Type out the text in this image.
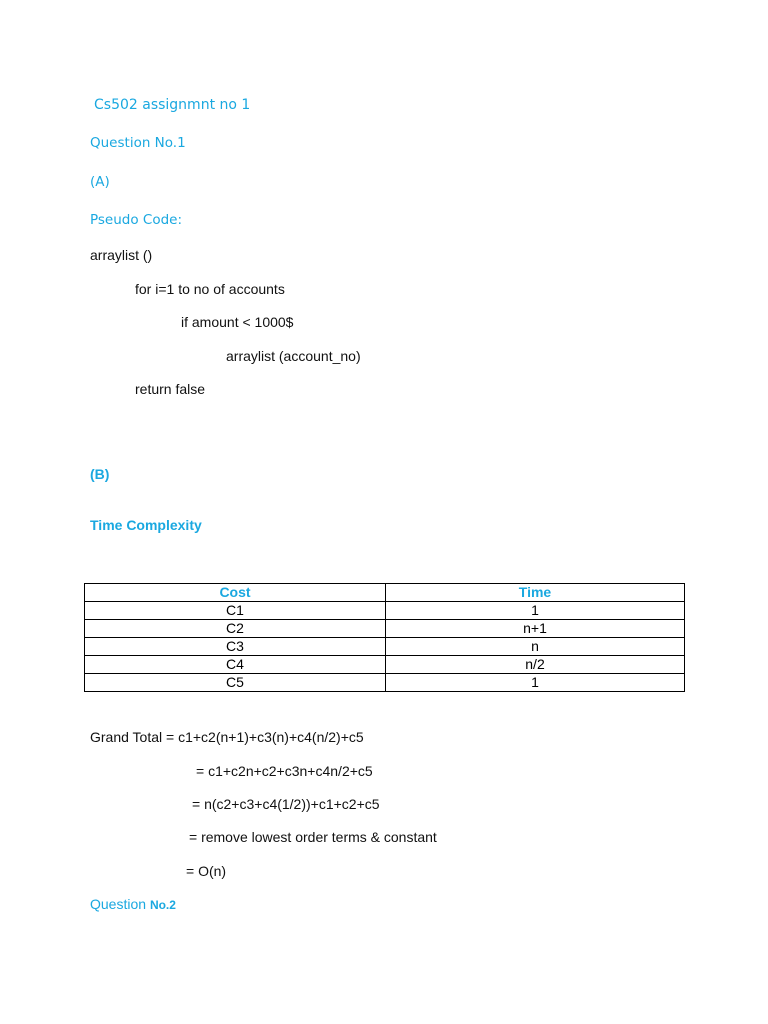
Cs502 assignmnt no 1
Question No.1
(A)
Pseudo Code:
arraylist ()
for i=1 to no of accounts
if amount < 1000$
arraylist (account_no)
return false
(B)
Time Complexity
Cost	Time
C1	1
C2	n+1
C3	n
C4	n/2
C5	1
Grand Total = c1+c2(n+1)+c3(n)+c4(n/2)+c5
= c1+c2n+c2+c3n+c4n/2+c5
= n(c2+c3+c4(1/2))+c1+c2+c5
= remove lowest order terms & constant
= O(n)
Question No.2
